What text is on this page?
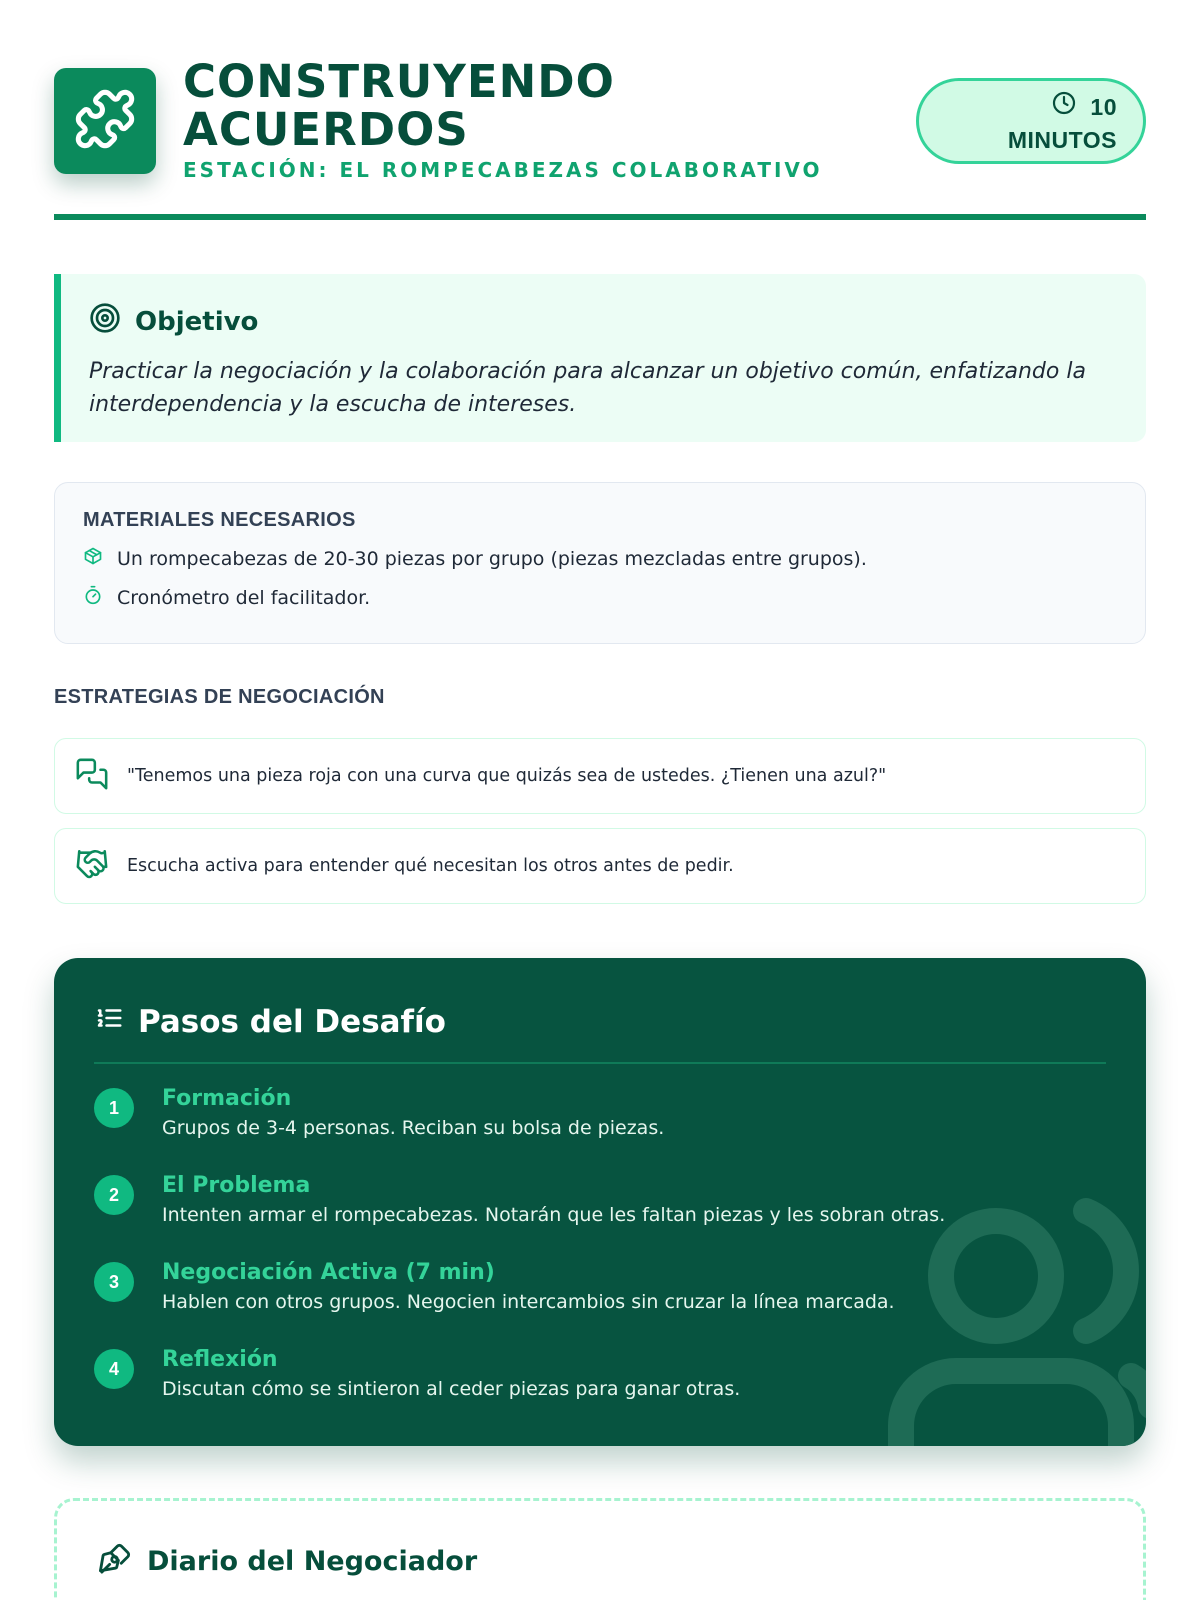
CONSTRUYENDO
ACUERDOS
ESTACIÓN: EL ROMPECABEZAS COLABORATIVO
10
MINUTOS
Objetivo

Practicar la negociación y la colaboración para alcanzar un objetivo común, enfatizando la interdependencia y la escucha de intereses.

MATERIALES NECESARIOS
Un rompecabezas de 20-30 piezas por grupo (piezas mezcladas entre grupos).
Cronómetro del facilitador.
ESTRATEGIAS DE NEGOCIACIÓN
"Tenemos una pieza roja con una curva que quizás sea de ustedes. ¿Tienen una azul?"
Escucha activa para entender qué necesitan los otros antes de pedir.
Pasos del Desafío
1	Formación
Grupos de 3-4 personas. Reciban su bolsa de piezas.
2	El Problema
Intenten armar el rompecabezas. Notarán que les faltan piezas y les sobran otras.
3	Negociación Activa (7 min)
Hablen con otros grupos. Negocien intercambios sin cruzar la línea marcada.
4	Reflexión
Discutan cómo se sintieron al ceder piezas para ganar otras.
Diario del Negociador
